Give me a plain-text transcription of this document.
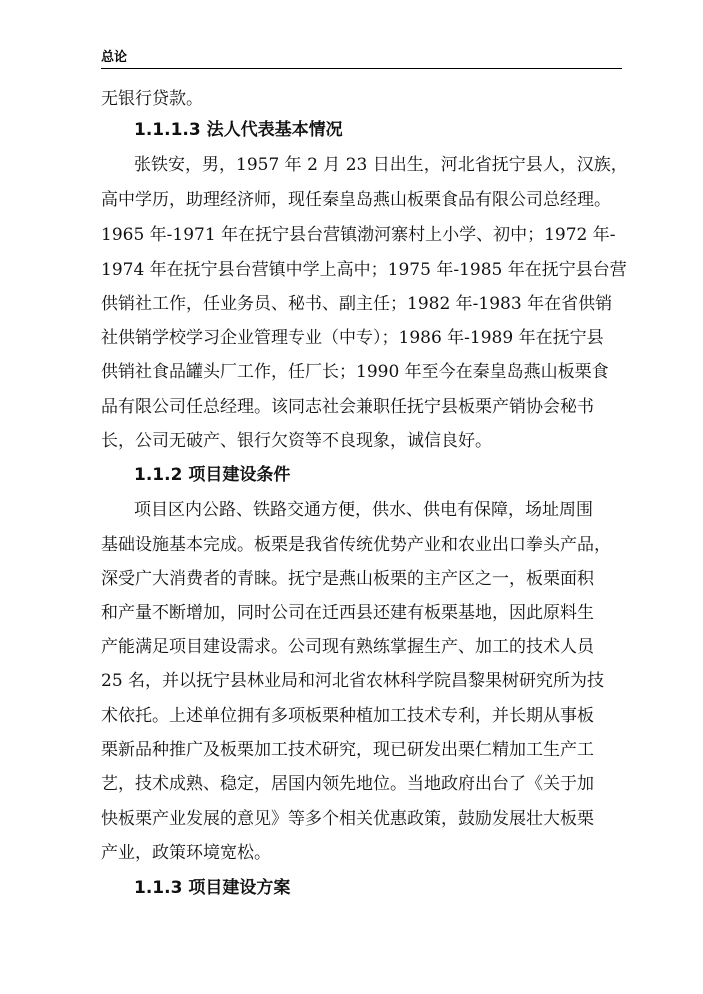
总论
无银行贷款。
1.1.1.3 法人代表基本情况
张铁安，男，1957 年 2 月 23 日出生，河北省抚宁县人，汉族，
高中学历，助理经济师，现任秦皇岛燕山板栗食品有限公司总经理。
1965 年-1971 年在抚宁县台营镇渤河寨村上小学、初中；1972 年-
1974 年在抚宁县台营镇中学上高中；1975 年-1985 年在抚宁县台营
供销社工作，任业务员、秘书、副主任；1982 年-1983 年在省供销
社供销学校学习企业管理专业（中专）；1986 年-1989 年在抚宁县
供销社食品罐头厂工作，任厂长；1990 年至今在秦皇岛燕山板栗食
品有限公司任总经理。该同志社会兼职任抚宁县板栗产销协会秘书
长，公司无破产、银行欠资等不良现象，诚信良好。
1.1.2 项目建设条件
项目区内公路、铁路交通方便，供水、供电有保障，场址周围
基础设施基本完成。板栗是我省传统优势产业和农业出口拳头产品，
深受广大消费者的青睐。抚宁是燕山板栗的主产区之一，板栗面积
和产量不断增加，同时公司在迁西县还建有板栗基地，因此原料生
产能满足项目建设需求。公司现有熟练掌握生产、加工的技术人员
25 名，并以抚宁县林业局和河北省农林科学院昌黎果树研究所为技
术依托。上述单位拥有多项板栗种植加工技术专利，并长期从事板
栗新品种推广及板栗加工技术研究，现已研发出栗仁精加工生产工
艺，技术成熟、稳定，居国内领先地位。当地政府出台了《关于加
快板栗产业发展的意见》等多个相关优惠政策，鼓励发展壮大板栗
产业，政策环境宽松。
1.1.3 项目建设方案
